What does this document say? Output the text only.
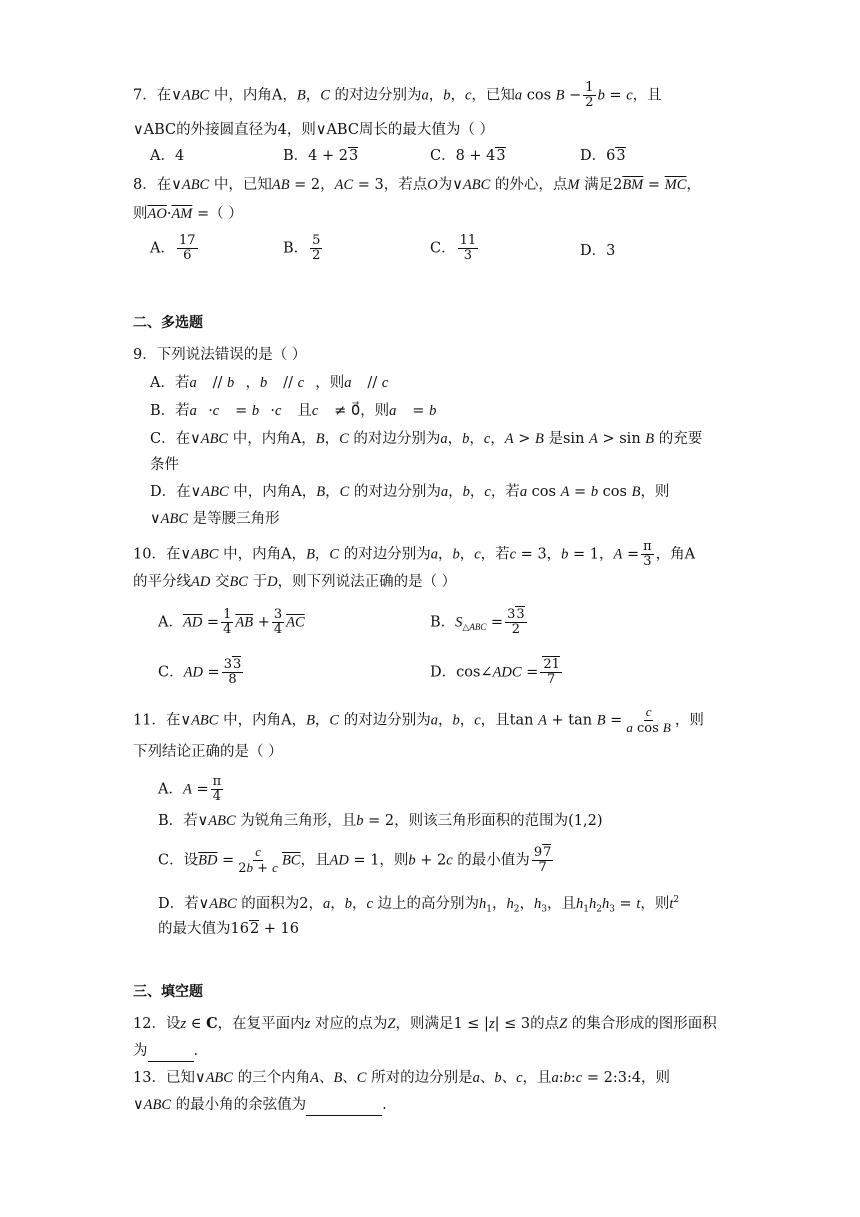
7．在∨ABC 中，内角A，B，C 的对边分别为a，b，c，已知a $\cos B - \frac{1}{2}$ b = c，且
∨ABC的外接圆直径为4，则∨ABC周长的最大值为（ ）
A．4	B．4 + 23	C．8 + 43	D．63
8．在∨ABC 中，已知AB = 2，AC = 3，若点O为∨ABC 的外心，点M 满足$2\overline{BM} = \overline{MC}$，
则$\overline{AO}\cdot\overline{AM}$ =（ ）
A． $\frac{17}{6}$	B． $\frac{5}{2}$	C． $\frac{11}{3}$	D．3
二、多选题
9．下列说法错误的是（ ）
A．若a⃗ // b⃗，b⃗ // c⃗，则a⃗ // c⃗
B．若a⃗·c⃗ = b⃗·c⃗ 且c⃗ ≠ 0⃗，则a⃗ = b⃗
C．在∨ABC 中，内角A，B，C 的对边分别为a，b，c，A > B 是sin A > sin B 的充要
条件
D．在∨ABC 中，内角A，B，C 的对边分别为a，b，c，若a cos A = b cos B，则
∨ABC 是等腰三角形
10．在∨ABC 中，内角A，B，C 的对边分别为a，b，c，若c = 3，b = 1，$A = \frac{\pi}{3}$ ，角A
的平分线AD 交BC 于D，则下列说法正确的是（ ）
A．$\overline{AD} = \frac{1}{4} \overline{AB} + \frac{3}{4} \overline{AC}$	B．$S_{\triangle ABC} = \frac{33}{2}$
C．AD = $\frac{33}{8}$	D．cos∠ADC = $\frac{21}{7}$
11．在∨ABC 中，内角A，B，C 的对边分别为a，b，c，且$\tan A + \tan B = \frac{c}{\text{a cos B}}$ ，则
下列结论正确的是（ ）
A．$A = \frac{\pi}{4}$
B．若∨ABC 为锐角三角形，且b = 2，则该三角形面积的范围为(1,2)
C．设$\overline{BD} = \frac{c}{2b + c} \overline{BC}$，且AD = 1，则b + 2c 的最小值为 $\frac{97}{7}$
D．若∨ABC 的面积为2，a，b，c 边上的高分别为$h_1$，$h_2$，$h_3$，且$h_1h_2h_3 = t$，则$t^2$
的最大值为162 + 16
三、填空题
12．设z ∈ C，在复平面内z 对应的点为Z，则满足1 ≤ |z| ≤ 3的点Z 的集合形成的图形面积
为	.
13．已知∨ABC 的三个内角A、B、C 所对的边分别是a、b、c，且a:b:c = 2:3:4，则
∨ABC 的最小角的余弦值为	.
